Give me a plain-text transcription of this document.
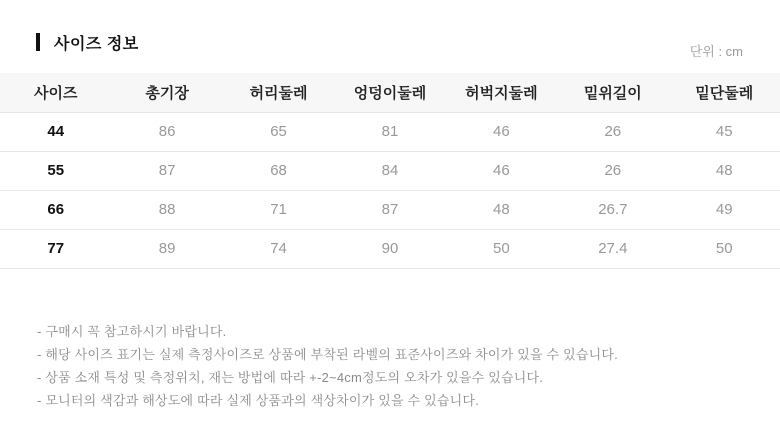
사이즈 정보	단위 : cm
사이즈	총기장	허리둘레	엉덩이둘레	허벅지둘레	밑위길이	밑단둘레
44	86	65	81	46	26	45
55	87	68	84	46	26	48
66	88	71	87	48	26.7	49
77	89	74	90	50	27.4	50
- 구매시 꼭 참고하시기 바랍니다.
- 해당 사이즈 표기는 실제 측정사이즈로 상품에 부착된 라벨의 표준사이즈와 차이가 있을 수 있습니다.
- 상품 소재 특성 및 측정위치, 재는 방법에 따라 +-2~4cm정도의 오차가 있을수 있습니다.
- 모니터의 색감과 해상도에 따라 실제 상품과의 색상차이가 있을 수 있습니다.
